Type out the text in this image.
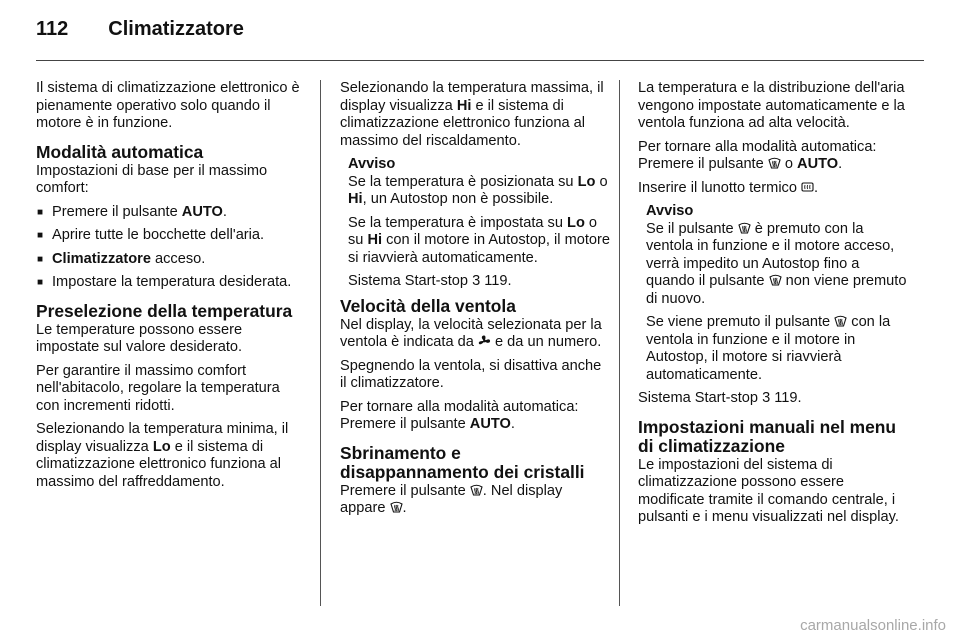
112 Climatizzatore

Il sistema di climatizzazione elettronico è pienamente operativo solo quando il motore è in funzione.

Modalità automatica

Impostazioni di base per il massimo comfort:

■ Premere il pulsante AUTO.
■ Aprire tutte le bocchette dell'aria.
■ Climatizzatore acceso.
■ Impostare la temperatura desiderata.
Preselezione della temperatura

Le temperature possono essere impostate sul valore desiderato.

Per garantire il massimo comfort nell'abitacolo, regolare la temperatura con incrementi ridotti.

Selezionando la temperatura minima, il display visualizza Lo e il sistema di climatizzazione elettronico funziona al massimo del raffreddamento.

Selezionando la temperatura massima, il display visualizza Hi e il sistema di climatizzazione elettronico funziona al massimo del riscaldamento.

Avviso

Se la temperatura è posizionata su Lo o Hi, un Autostop non è possibile.

Se la temperatura è impostata su Lo o su Hi con il motore in Autostop, il motore si riavvierà automaticamente.

Sistema Start-stop 3 119.

Velocità della ventola

Nel display, la velocità selezionata per la ventola è indicata da
e da un numero.

Spegnendo la ventola, si disattiva anche il climatizzatore.

Per tornare alla modalità automatica: Premere il pulsante AUTO.

Sbrinamento e disappannamento dei cristalli

Premere il pulsante
. Nel display appare
.

La temperatura e la distribuzione dell'aria vengono impostate automaticamente e la ventola funziona ad alta velocità.

Per tornare alla modalità automatica: Premere il pulsante
o AUTO.

Inserire il lunotto termico
.

Avviso

Se il pulsante
è premuto con la ventola in funzione e il motore acceso, verrà impedito un Autostop fino a quando il pulsante
non viene premuto di nuovo.

Se viene premuto il pulsante
con la ventola in funzione e il motore in Autostop, il motore si riavvierà automaticamente.

Sistema Start-stop 3 119.

Impostazioni manuali nel menu di climatizzazione

Le impostazioni del sistema di climatizzazione possono essere modificate tramite il comando centrale, i pulsanti e i menu visualizzati nel display.

carmanualsonline.info
